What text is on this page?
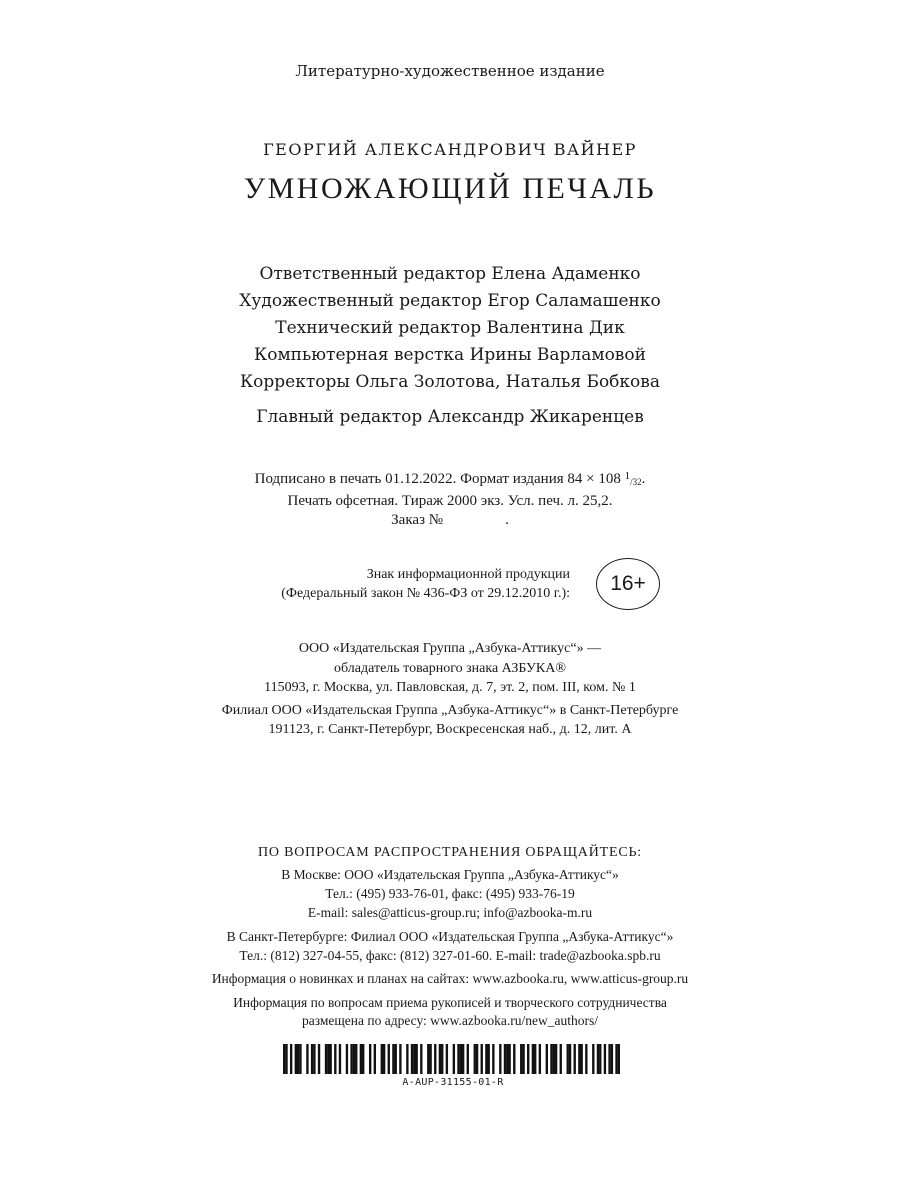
Литературно-художественное издание
ГЕОРГИЙ АЛЕКСАНДРОВИЧ ВАЙНЕР
УМНОЖАЮЩИЙ ПЕЧАЛЬ
Ответственный редактор Елена Адаменко
Художественный редактор Егор Саламашенко
Технический редактор Валентина Дик
Компьютерная верстка Ирины Варламовой
Корректоры Ольга Золотова, Наталья Бобкова
Главный редактор Александр Жикаренцев
Подписано в печать 01.12.2022. Формат издания 84 × 108 $^1$/32.
Печать офсетная. Тираж 2000 экз. Усл. печ. л. 25,2.
Заказ №	.
Знак информационной продукции
(Федеральный закон № 436-ФЗ от 29.12.2010 г.):	16+
ООО «Издательская Группа „Азбука-Аттикус“» —
обладатель товарного знака АЗБУКА®
115093, г. Москва, ул. Павловская, д. 7, эт. 2, пом. III, ком. № 1
Филиал ООО «Издательская Группа „Азбука-Аттикус“» в Санкт-Петербурге
191123, г. Санкт-Петербург, Воскресенская наб., д. 12, лит. А
ПО ВОПРОСАМ РАСПРОСТРАНЕНИЯ ОБРАЩАЙТЕСЬ:
В Москве: ООО «Издательская Группа „Азбука-Аттикус“»
Тел.: (495) 933-76-01, факс: (495) 933-76-19
E-mail: sales@atticus-group.ru; info@azbooka-m.ru
В Санкт-Петербурге: Филиал ООО «Издательская Группа „Азбука-Аттикус“»
Тел.: (812) 327-04-55, факс: (812) 327-01-60. E-mail: trade@azbooka.spb.ru
Информация о новинках и планах на сайтах: www.azbooka.ru, www.atticus-group.ru
Информация по вопросам приема рукописей и творческого сотрудничества
размещена по адресу: www.azbooka.ru/new_authors/
A-AUP-31155-01-R
